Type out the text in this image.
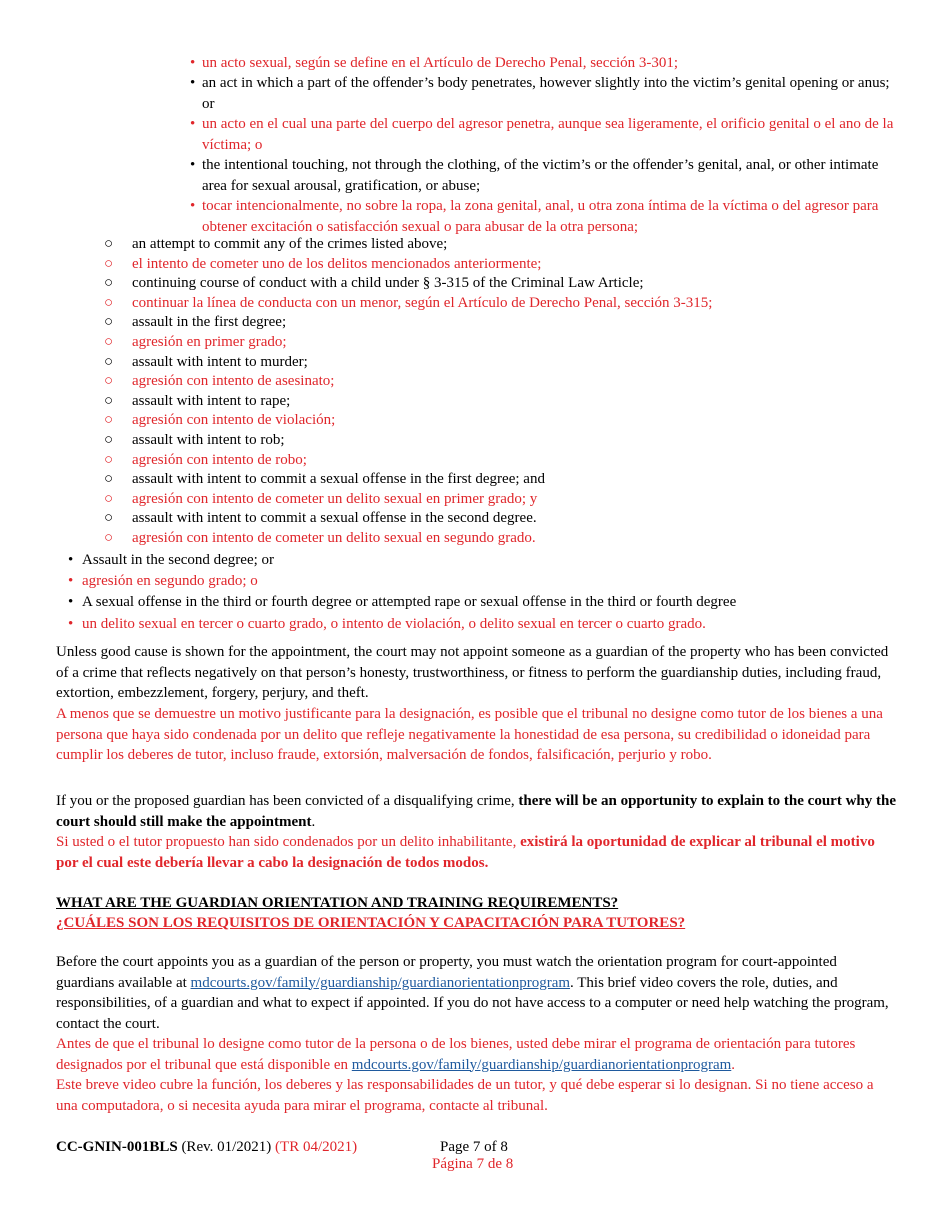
• un acto sexual, según se define en el Artículo de Derecho Penal, sección 3-301;
• an act in which a part of the offender’s body penetrates, however slightly into the victim’s genital opening or anus; or
• un acto en el cual una parte del cuerpo del agresor penetra, aunque sea ligeramente, el orificio genital o el ano de la víctima; o
• the intentional touching, not through the clothing, of the victim’s or the offender’s genital, anal, or other intimate area for sexual arousal, gratification, or abuse;
• tocar intencionalmente, no sobre la ropa, la zona genital, anal, u otra zona íntima de la víctima o del agresor para obtener excitación o satisfacción sexual o para abusar de la otra persona;
○ an attempt to commit any of the crimes listed above;
○ el intento de cometer uno de los delitos mencionados anteriormente;
○ continuing course of conduct with a child under § 3-315 of the Criminal Law Article;
○ continuar la línea de conducta con un menor, según el Artículo de Derecho Penal, sección 3-315;
○ assault in the first degree;
○ agresión en primer grado;
○ assault with intent to murder;
○ agresión con intento de asesinato;
○ assault with intent to rape;
○ agresión con intento de violación;
○ assault with intent to rob;
○ agresión con intento de robo;
○ assault with intent to commit a sexual offense in the first degree; and
○ agresión con intento de cometer un delito sexual en primer grado; y
○ assault with intent to commit a sexual offense in the second degree.
○ agresión con intento de cometer un delito sexual en segundo grado.
• Assault in the second degree; or
• agresión en segundo grado; o
• A sexual offense in the third or fourth degree or attempted rape or sexual offense in the third or fourth degree
• un delito sexual en tercer o cuarto grado, o intento de violación, o delito sexual en tercer o cuarto grado.
Unless good cause is shown for the appointment, the court may not appoint someone as a guardian of the property who has been convicted of a crime that reflects negatively on that person’s honesty, trustworthiness, or fitness to perform the guardianship duties, including fraud, extortion, embezzlement, forgery, perjury, and theft.
A menos que se demuestre un motivo justificante para la designación, es posible que el tribunal no designe como tutor de los bienes a una persona que haya sido condenada por un delito que refleje negativamente la honestidad de esa persona, su credibilidad o idoneidad para cumplir los deberes de tutor, incluso fraude, extorsión, malversación de fondos, falsificación, perjurio y robo.
If you or the proposed guardian has been convicted of a disqualifying crime, there will be an opportunity to explain to the court why the court should still make the appointment.
Si usted o el tutor propuesto han sido condenados por un delito inhabilitante, existirá la oportunidad de explicar al tribunal el motivo por el cual este debería llevar a cabo la designación de todos modos.
WHAT ARE THE GUARDIAN ORIENTATION AND TRAINING REQUIREMENTS?
¿CUÁLES SON LOS REQUISITOS DE ORIENTACIÓN Y CAPACITACIÓN PARA TUTORES?
Before the court appoints you as a guardian of the person or property, you must watch the orientation program for court-appointed guardians available at mdcourts.gov/family/guardianship/guardianorientationprogram. This brief video covers the role, duties, and responsibilities, of a guardian and what to expect if appointed. If you do not have access to a computer or need help watching the program, contact the court.
Antes de que el tribunal lo designe como tutor de la persona o de los bienes, usted debe mirar el programa de orientación para tutores designados por el tribunal que está disponible en mdcourts.gov/family/guardianship/guardianorientationprogram.
Este breve video cubre la función, los deberes y las responsabilidades de un tutor, y qué debe esperar si lo designan. Si no tiene acceso a una computadora, o si necesita ayuda para mirar el programa, contacte al tribunal.
CC-GNIN-001BLS (Rev. 01/2021) (TR 04/2021)	Page 7 of 8
Página 7 de 8
